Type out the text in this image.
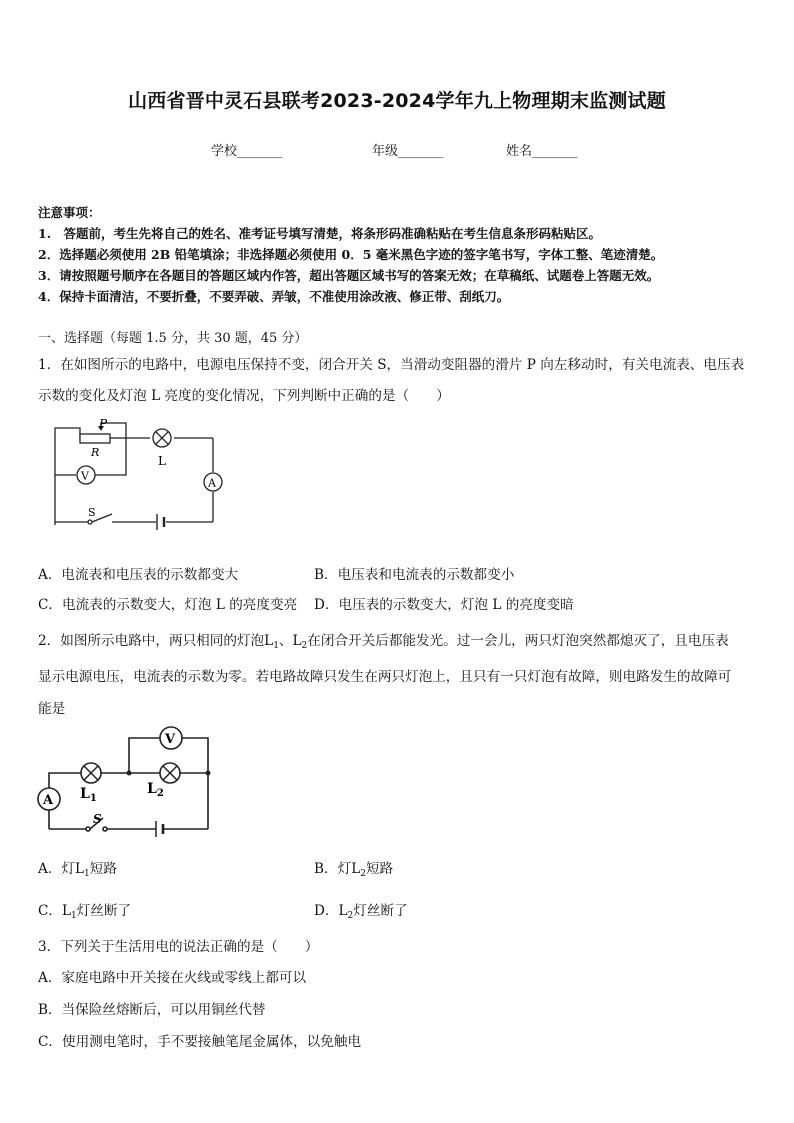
山西省晋中灵石县联考2023-2024学年九上物理期末监测试题
学校_______	年级_______	姓名_______
注意事项：
1.　答题前，考生先将自己的姓名、准考证号填写清楚，将条形码准确粘贴在考生信息条形码粘贴区。
2．选择题必须使用 2B 铅笔填涂；非选择题必须使用 0．5 毫米黑色字迹的签字笔书写，字体工整、笔迹清楚。
3．请按照题号顺序在各题目的答题区域内作答，超出答题区域书写的答案无效；在草稿纸、试题卷上答题无效。
4．保持卡面清洁，不要折叠，不要弄破、弄皱，不准使用涂改液、修正带、刮纸刀。
一、选择题（每题 1.5 分，共 30 题，45 分）
1．在如图所示的电路中，电源电压保持不变，闭合开关 S，当滑动变阻器的滑片 P 向左移动时，有关电流表、电压表
示数的变化及灯泡 L 亮度的变化情况，下列判断中正确的是（　　）
P
R
L
V
A
S
A．电流表和电压表的示数都变大	B．电压表和电流表的示数都变小
C．电流表的示数变大，灯泡 L 的亮度变亮 D．电压表的示数变大，灯泡 L 的亮度变暗
2．如图所示电路中，两只相同的灯泡$L_1$、$L_2$在闭合开关后都能发光。过一会儿，两只灯泡突然都熄灭了，且电压表
显示电源电压，电流表的示数为零。若电路故障只发生在两只灯泡上，且只有一只灯泡有故障，则电路发生的故障可
能是
V
A
S
$L_1$
$L_2$
A．灯$L_1$短路	B．灯$L_2$短路
C．$L_1$灯丝断了	D．$L_2$灯丝断了
3．下列关于生活用电的说法正确的是（　　）
A．家庭电路中开关接在火线或零线上都可以
B．当保险丝熔断后，可以用铜丝代替
C．使用测电笔时，手不要接触笔尾金属体，以免触电
